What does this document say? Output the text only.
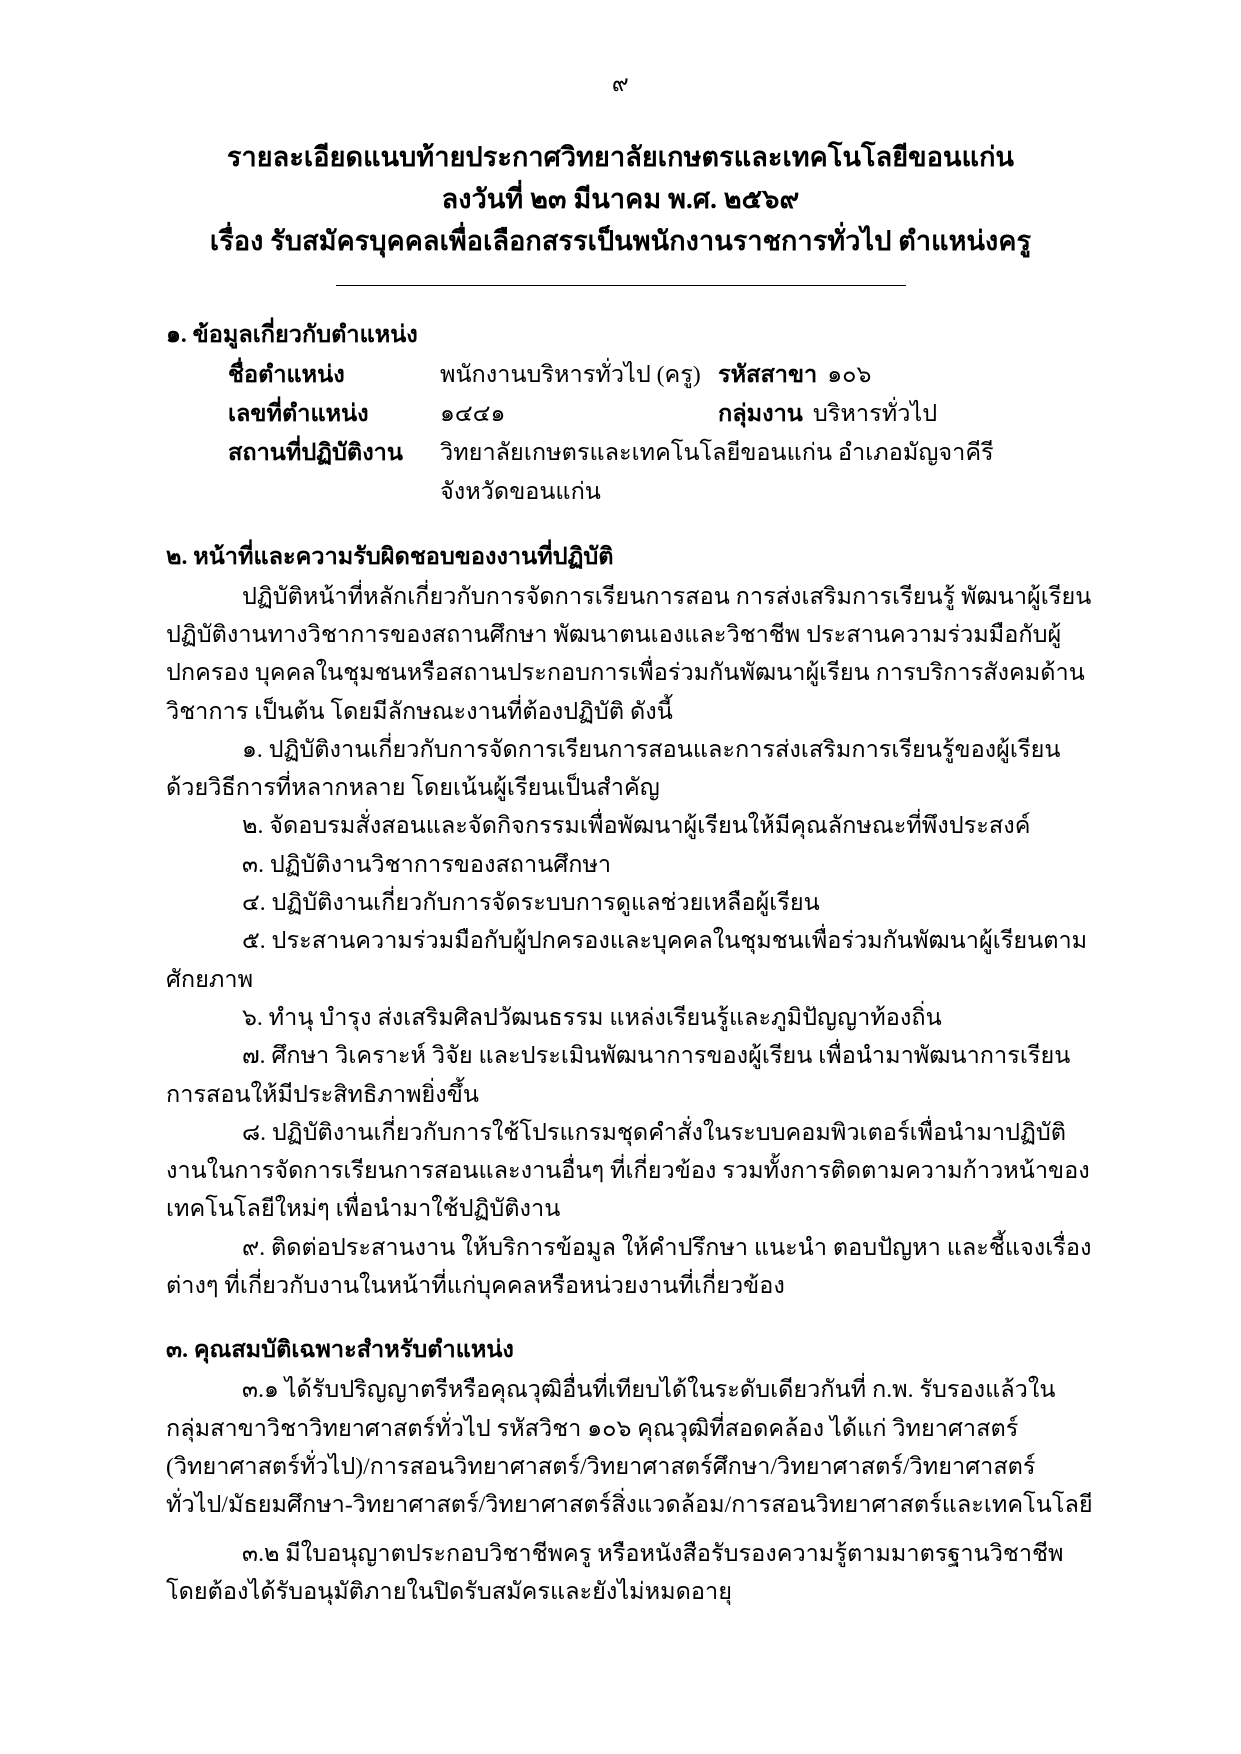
๙
รายละเอียดแนบท้ายประกาศวิทยาลัยเกษตรและเทคโนโลยีขอนแก่น
ลงวันที่ ๒๓ มีนาคม พ.ศ. ๒๕๖๙
เรื่อง รับสมัครบุคคลเพื่อเลือกสรรเป็นพนักงานราชการทั่วไป ตำแหน่งครู
๑. ข้อมูลเกี่ยวกับตำแหน่ง
ชื่อตำแหน่ง	พนักงานบริหารทั่วไป (ครู) รหัสสาขา ๑๐๖
เลขที่ตำแหน่ง	๑๔๔๑	กลุ่มงาน บริหารทั่วไป
สถานที่ปฏิบัติงาน	วิทยาลัยเกษตรและเทคโนโลยีขอนแก่น อำเภอมัญจาคีรี
จังหวัดขอนแก่น
๒. หน้าที่และความรับผิดชอบของงานที่ปฏิบัติ

ปฏิบัติหน้าที่หลักเกี่ยวกับการจัดการเรียนการสอน การส่งเสริมการเรียนรู้ พัฒนาผู้เรียน ปฏิบัติงานทางวิชาการของสถานศึกษา พัฒนาตนเองและวิชาชีพ ประสานความร่วมมือกับผู้ปกครอง บุคคลในชุมชนหรือสถานประกอบการเพื่อร่วมกันพัฒนาผู้เรียน การบริการสังคมด้านวิชาการ เป็นต้น โดยมีลักษณะงานที่ต้องปฏิบัติ ดังนี้

๑. ปฏิบัติงานเกี่ยวกับการจัดการเรียนการสอนและการส่งเสริมการเรียนรู้ของผู้เรียนด้วยวิธีการที่หลากหลาย โดยเน้นผู้เรียนเป็นสำคัญ
๒. จัดอบรมสั่งสอนและจัดกิจกรรมเพื่อพัฒนาผู้เรียนให้มีคุณลักษณะที่พึงประสงค์
๓. ปฏิบัติงานวิชาการของสถานศึกษา
๔. ปฏิบัติงานเกี่ยวกับการจัดระบบการดูแลช่วยเหลือผู้เรียน
๕. ประสานความร่วมมือกับผู้ปกครองและบุคคลในชุมชนเพื่อร่วมกันพัฒนาผู้เรียนตามศักยภาพ
๖. ทำนุ บำรุง ส่งเสริมศิลปวัฒนธรรม แหล่งเรียนรู้และภูมิปัญญาท้องถิ่น
๗. ศึกษา วิเคราะห์ วิจัย และประเมินพัฒนาการของผู้เรียน เพื่อนำมาพัฒนาการเรียนการสอนให้มีประสิทธิภาพยิ่งขึ้น
๘. ปฏิบัติงานเกี่ยวกับการใช้โปรแกรมชุดคำสั่งในระบบคอมพิวเตอร์เพื่อนำมาปฏิบัติงานในการจัดการเรียนการสอนและงานอื่นๆ ที่เกี่ยวข้อง รวมทั้งการติดตามความก้าวหน้าของเทคโนโลยีใหม่ๆ เพื่อนำมาใช้ปฏิบัติงาน
๙. ติดต่อประสานงาน ให้บริการข้อมูล ให้คำปรึกษา แนะนำ ตอบปัญหา และชี้แจงเรื่องต่างๆ ที่เกี่ยวกับงานในหน้าที่แก่บุคคลหรือหน่วยงานที่เกี่ยวข้อง
๓. คุณสมบัติเฉพาะสำหรับตำแหน่ง

๓.๑ ได้รับปริญญาตรีหรือคุณวุฒิอื่นที่เทียบได้ในระดับเดียวกันที่ ก.พ. รับรองแล้วในกลุ่มสาขาวิชาวิทยาศาสตร์ทั่วไป รหัสวิชา ๑๐๖ คุณวุฒิที่สอดคล้อง ได้แก่ วิทยาศาสตร์ (วิทยาศาสตร์ทั่วไป)/การสอนวิทยาศาสตร์/วิทยาศาสตร์ศึกษา/วิทยาศาสตร์/วิทยาศาสตร์ทั่วไป/มัธยมศึกษา-วิทยาศาสตร์/วิทยาศาสตร์สิ่งแวดล้อม/การสอนวิทยาศาสตร์และเทคโนโลยี

๓.๒ มีใบอนุญาตประกอบวิชาชีพครู หรือหนังสือรับรองความรู้ตามมาตรฐานวิชาชีพ โดยต้องได้รับอนุมัติภายในปิดรับสมัครและยังไม่หมดอายุ
